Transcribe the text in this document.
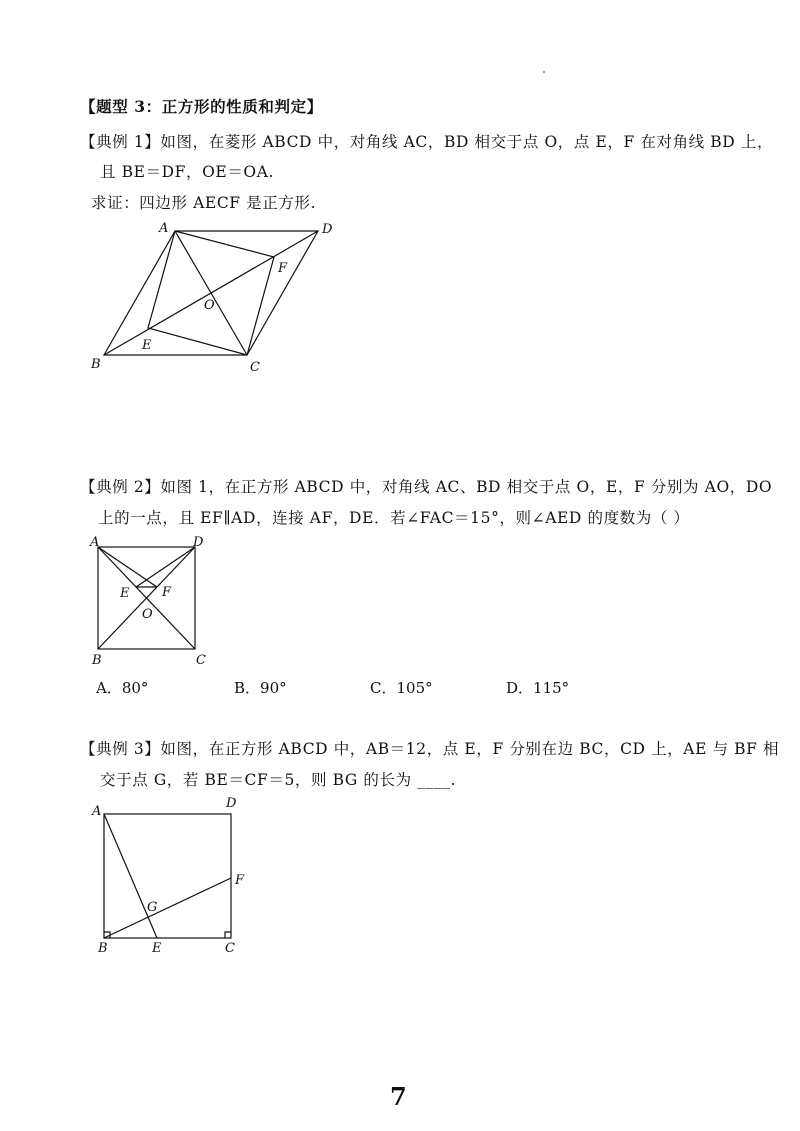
【题型 3：正方形的性质和判定】
【典例 1】如图，在菱形 ABCD 中，对角线 AC，BD 相交于点 O，点 E，F 在对角线 BD 上，
且 BE＝DF，OE＝OA.
求证：四边形 AECF 是正方形.
A	D
F
O
E
B	C
【典例 2】如图 1，在正方形 ABCD 中，对角线 AC、BD 相交于点 O，E，F 分别为 AO，DO
上的一点，且 EF∥AD，连接 AF，DE．若∠FAC＝15°，则∠AED 的度数为（ ）
A	D
E	F
O
B	C
A．80°	B．90°	C．105°	D．115°
【典例 3】如图，在正方形 ABCD 中，AB＝12，点 E，F 分别在边 BC，CD 上，AE 与 BF 相
交于点 G，若 BE＝CF＝5，则 BG 的长为 ____.
A
D
F
G
B	E	C
7
